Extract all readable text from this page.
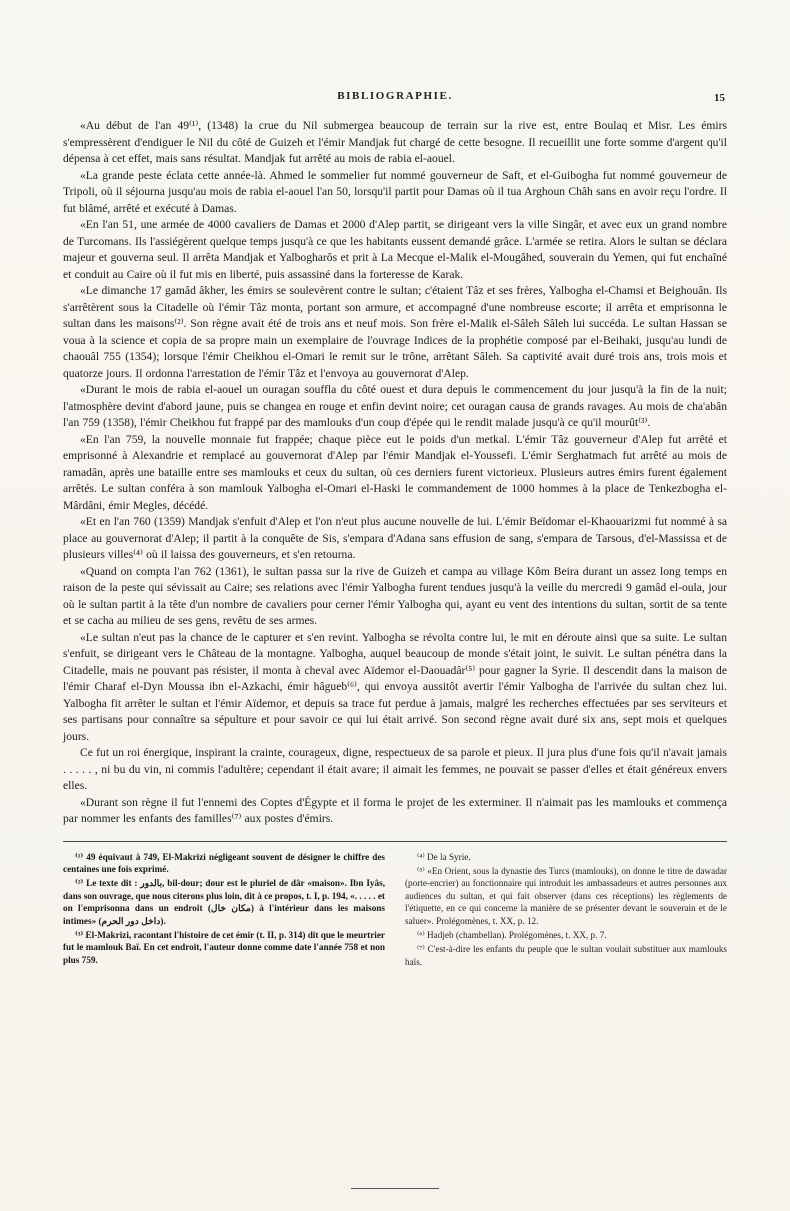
BIBLIOGRAPHIE.	15

«Au début de l'an 49⁽¹⁾, (1348) la crue du Nil submergea beaucoup de terrain sur la rive est, entre Boulaq et Misr. Les émirs s'empressèrent d'endiguer le Nil du côté de Guizeh et l'émir Mandjak fut chargé de cette besogne. Il recueillit une forte somme d'argent qu'il dépensa à cet effet, mais sans résultat. Mandjak fut arrêté au mois de rabia el-aouel.

«La grande peste éclata cette année-là. Ahmed le sommelier fut nommé gouverneur de Saft, et el-Guibogha fut nommé gouverneur de Tripoli, où il séjourna jusqu'au mois de rabia el-aouel l'an 50, lorsqu'il partit pour Damas où il tua Arghoun Châh sans en avoir reçu l'ordre. Il fut blâmé, arrêté et exécuté à Damas.

«En l'an 51, une armée de 4000 cavaliers de Damas et 2000 d'Alep partit, se dirigeant vers la ville Singâr, et avec eux un grand nombre de Turcomans. Ils l'assiégèrent quelque temps jusqu'à ce que les habitants eussent demandé grâce. L'armée se retira. Alors le sultan se déclara majeur et gouverna seul. Il arrêta Mandjak et Yalbogharôs et prit à La Mecque el-Malik el-Mougâhed, souverain du Yemen, qui fut enchaîné et conduit au Caire où il fut mis en liberté, puis assassiné dans la forteresse de Karak.

«Le dimanche 17 gamâd âkher, les émirs se soulevèrent contre le sultan; c'étaient Tâz et ses frères, Yalbogha el-Chamsi et Beighouân. Ils s'arrêtèrent sous la Citadelle où l'émir Tâz monta, portant son armure, et accompagné d'une nombreuse escorte; il arrêta et emprisonna le sultan dans les maisons⁽²⁾. Son règne avait été de trois ans et neuf mois. Son frère el-Malik el-Sâleh Sâleh lui succéda. Le sultan Hassan se voua à la science et copia de sa propre main un exemplaire de l'ouvrage Indices de la prophétie composé par el-Beihaki, jusqu'au lundi de chaouâl 755 (1354); lorsque l'émir Cheikhou el-Omari le remit sur le trône, arrêtant Sâleh. Sa captivité avait duré trois ans, trois mois et quatorze jours. Il ordonna l'arrestation de l'émir Tâz et l'envoya au gouvernorat d'Alep.

«Durant le mois de rabia el-aouel un ouragan souffla du côté ouest et dura depuis le commencement du jour jusqu'à la fin de la nuit; l'atmosphère devint d'abord jaune, puis se changea en rouge et enfin devint noire; cet ouragan causa de grands ravages. Au mois de cha'abân l'an 759 (1358), l'émir Cheikhou fut frappé par des mamlouks d'un coup d'épée qui le rendit malade jusqu'à ce qu'il mourût⁽³⁾.

«En l'an 759, la nouvelle monnaie fut frappée; chaque pièce eut le poids d'un metkal. L'émir Tâz gouverneur d'Alep fut arrêté et emprisonné à Alexandrie et remplacé au gouvernorat d'Alep par l'émir Mandjak el-Youssefi. L'émir Serghatmach fut arrêté au mois de ramadân, après une bataille entre ses mamlouks et ceux du sultan, où ces derniers furent victorieux. Plusieurs autres émirs furent également arrêtés. Le sultan conféra à son mamlouk Yalbogha el-Omari el-Haski le commandement de 1000 hommes à la place de Tenkezbogha el-Mârdâni, émir Megles, décédé.

«Et en l'an 760 (1359) Mandjak s'enfuit d'Alep et l'on n'eut plus aucune nouvelle de lui. L'émir Beïdomar el-Khaouarizmi fut nommé à sa place au gouvernorat d'Alep; il partit à la conquête de Sis, s'empara d'Adana sans effusion de sang, s'empara de Tarsous, d'el-Massissa et de plusieurs villes⁽⁴⁾ où il laissa des gouverneurs, et s'en retourna.

«Quand on compta l'an 762 (1361), le sultan passa sur la rive de Guizeh et campa au village Kôm Beira durant un assez long temps en raison de la peste qui sévissait au Caire; ses relations avec l'émir Yalbogha furent tendues jusqu'à la veille du mercredi 9 gamâd el-oula, jour où le sultan partit à la tête d'un nombre de cavaliers pour cerner l'émir Yalbogha qui, ayant eu vent des intentions du sultan, sortit de sa tente et se cacha au milieu de ses gens, revêtu de ses armes.

«Le sultan n'eut pas la chance de le capturer et s'en revint. Yalbogha se révolta contre lui, le mit en déroute ainsi que sa suite. Le sultan s'enfuit, se dirigeant vers le Château de la montagne. Yalbogha, auquel beaucoup de monde s'était joint, le suivit. Le sultan pénétra dans la Citadelle, mais ne pouvant pas résister, il monta à cheval avec Aïdemor el-Daouadâr⁽⁵⁾ pour gagner la Syrie. Il descendit dans la maison de l'émir Charaf el-Dyn Moussa ibn el-Azkachi, émir hâgueb⁽⁶⁾, qui envoya aussitôt avertir l'émir Yalbogha de l'arrivée du sultan chez lui. Yalbogha fit arrêter le sultan et l'émir Aïdemor, et depuis sa trace fut perdue à jamais, malgré les recherches effectuées par ses serviteurs et ses partisans pour connaître sa sépulture et pour savoir ce qui lui était arrivé. Son second règne avait duré six ans, sept mois et quelques jours.

Ce fut un roi énergique, inspirant la crainte, courageux, digne, respectueux de sa parole et pieux. Il jura plus d'une fois qu'il n'avait jamais . . . . . , ni bu du vin, ni commis l'adultère; cependant il était avare; il aimait les femmes, ne pouvait se passer d'elles et était généreux envers elles.

«Durant son règne il fut l'ennemi des Coptes d'Égypte et il forma le projet de les exterminer. Il n'aimait pas les mamlouks et commença par nommer les enfants des familles⁽⁷⁾ aux postes d'émirs.

⁽¹⁾ 49 équivaut à 749, El-Makrizi négligeant souvent de désigner le chiffre des centaines une fois exprimé.

⁽²⁾ Le texte dit : بالدور, bil-dour; dour est le pluriel de dâr «maison». Ibn Iyâs, dans son ouvrage, que nous citerons plus loin, dit à ce propos, t. I, p. 194, «. . . . . et on l'emprisonna dans un endroit (مكان خال) à l'intérieur dans les maisons intimes» (داخل دور الحرم).

⁽³⁾ El-Makrizi, racontant l'histoire de cet émir (t. II, p. 314) dit que le meurtrier fut le mamlouk Baï. En cet endroit, l'auteur donne comme date l'année 758 et non plus 759.

⁽⁴⁾ De la Syrie.

⁽⁵⁾ «En Orient, sous la dynastie des Turcs (mamlouks), on donne le titre de dawadar (porte-encrier) au fonctionnaire qui introduit les ambassadeurs et autres personnes aux audiences du sultan, et qui fait observer (dans ces réceptions) les règlements de l'étiquette, en ce qui concerne la manière de se présenter devant le souverain et de le saluer». Prolégomènes, t. XX, p. 12.

⁽⁶⁾ Hadjeb (chambellan). Prolégomènes, t. XX, p. 7.

⁽⁷⁾ C'est-à-dire les enfants du peuple que le sultan voulait substituer aux mamlouks haïs.
